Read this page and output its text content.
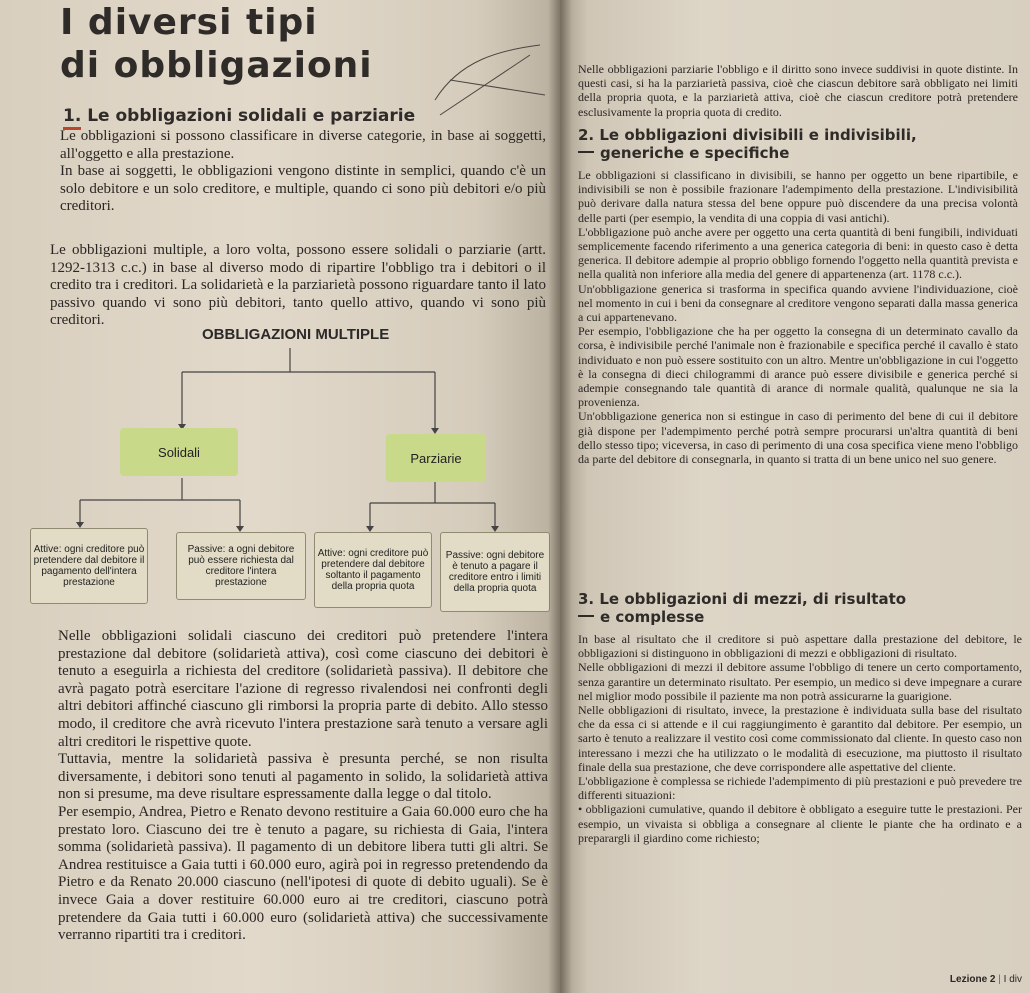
I diversi tipi
di obbligazioni
1. Le obbligazioni solidali e parziarie

Le obbligazioni si possono classificare in diverse categorie, in base ai soggetti, all'oggetto e alla prestazione.

In base ai soggetti, le obbligazioni vengono distinte in semplici, quando c'è un solo debitore e un solo creditore, e multiple, quando ci sono più debitori e/o più creditori.

Le obbligazioni multiple, a loro volta, possono essere solidali o parziarie (artt. 1292-1313 c.c.) in base al diverso modo di ripartire l'obbligo tra i debitori o il credito tra i creditori. La solidarietà e la parziarietà possono riguardare tanto il lato passivo quando vi sono più debitori, tanto quello attivo, quando vi sono più creditori.

OBBLIGAZIONI MULTIPLE
Solidali	Parziarie
Attive: ogni creditore può pretendere dal debitore il pagamento dell'intera prestazione
Passive: a ogni debitore può essere richiesta dal creditore l'intera prestazione
Attive: ogni creditore può pretendere dal debitore soltanto il pagamento della propria quota
Passive: ogni debitore è tenuto a pagare il creditore entro i limiti della propria quota

Nelle obbligazioni solidali ciascuno dei creditori può pretendere l'intera prestazione dal debitore (solidarietà attiva), così come ciascuno dei debitori è tenuto a eseguirla a richiesta del creditore (solidarietà passiva). Il debitore che avrà pagato potrà esercitare l'azione di regresso rivalendosi nei confronti degli altri debitori affinché ciascuno gli rimborsi la propria parte di debito. Allo stesso modo, il creditore che avrà ricevuto l'intera prestazione sarà tenuto a versare agli altri creditori le rispettive quote.

Tuttavia, mentre la solidarietà passiva è presunta perché, se non risulta diversamente, i debitori sono tenuti al pagamento in solido, la solidarietà attiva non si presume, ma deve risultare espressamente dalla legge o dal titolo.

Per esempio, Andrea, Pietro e Renato devono restituire a Gaia 60.000 euro che ha prestato loro. Ciascuno dei tre è tenuto a pagare, su richiesta di Gaia, l'intera somma (solidarietà passiva). Il pagamento di un debitore libera tutti gli altri. Se Andrea restituisce a Gaia tutti i 60.000 euro, agirà poi in regresso pretendendo da Pietro e da Renato 20.000 ciascuno (nell'ipotesi di quote di debito uguali). Se è invece Gaia a dover restituire 60.000 euro ai tre creditori, ciascuno potrà pretendere da Gaia tutti i 60.000 euro (solidarietà attiva) che successivamente verranno ripartiti tra i creditori.

Nelle obbligazioni parziarie l'obbligo e il diritto sono invece suddivisi in quote distinte. In questi casi, si ha la parziarietà passiva, cioè che ciascun debitore sarà obbligato nei limiti della propria quota, e la parziarietà attiva, cioè che ciascun creditore potrà pretendere esclusivamente la propria quota di credito.

2. Le obbligazioni divisibili e indivisibili,
generiche e specifiche

Le obbligazioni si classificano in divisibili, se hanno per oggetto un bene ripartibile, e indivisibili se non è possibile frazionare l'adempimento della prestazione. L'indivisibilità può derivare dalla natura stessa del bene oppure può discendere da una precisa volontà delle parti (per esempio, la vendita di una coppia di vasi antichi).

L'obbligazione può anche avere per oggetto una certa quantità di beni fungibili, individuati semplicemente facendo riferimento a una generica categoria di beni: in questo caso è detta generica. Il debitore adempie al proprio obbligo fornendo l'oggetto nella quantità prevista e nella qualità non inferiore alla media del genere di appartenenza (art. 1178 c.c.).

Un'obbligazione generica si trasforma in specifica quando avviene l'individuazione, cioè nel momento in cui i beni da consegnare al creditore vengono separati dalla massa generica a cui appartenevano.

Per esempio, l'obbligazione che ha per oggetto la consegna di un determinato cavallo da corsa, è indivisibile perché l'animale non è frazionabile e specifica perché il cavallo è stato individuato e non può essere sostituito con un altro. Mentre un'obbligazione in cui l'oggetto è la consegna di dieci chilogrammi di arance può essere divisibile e generica perché si adempie consegnando tale quantità di arance di normale qualità, qualunque ne sia la provenienza.

Un'obbligazione generica non si estingue in caso di perimento del bene di cui il debitore già dispone per l'adempimento perché potrà sempre procurarsi un'altra quantità di beni dello stesso tipo; viceversa, in caso di perimento di una cosa specifica viene meno l'obbligo da parte del debitore di consegnarla, in quanto si tratta di un bene unico nel suo genere.

3. Le obbligazioni di mezzi, di risultato
e complesse

In base al risultato che il creditore si può aspettare dalla prestazione del debitore, le obbligazioni si distinguono in obbligazioni di mezzi e obbligazioni di risultato.

Nelle obbligazioni di mezzi il debitore assume l'obbligo di tenere un certo comportamento, senza garantire un determinato risultato. Per esempio, un medico si deve impegnare a curare nel miglior modo possibile il paziente ma non potrà assicurarne la guarigione.

Nelle obbligazioni di risultato, invece, la prestazione è individuata sulla base del risultato che da essa ci si attende e il cui raggiungimento è garantito dal debitore. Per esempio, un sarto è tenuto a realizzare il vestito così come commissionato dal cliente. In questo caso non interessano i mezzi che ha utilizzato o le modalità di esecuzione, ma piuttosto il risultato finale della sua prestazione, che deve corrispondere alle aspettative del cliente.

L'obbligazione è complessa se richiede l'adempimento di più prestazioni e può prevedere tre differenti situazioni:

• obbligazioni cumulative, quando il debitore è obbligato a eseguire tutte le prestazioni. Per esempio, un vivaista si obbliga a consegnare al cliente le piante che ha ordinato e a preparargli il giardino come richiesto;

Lezione 2 | I div
